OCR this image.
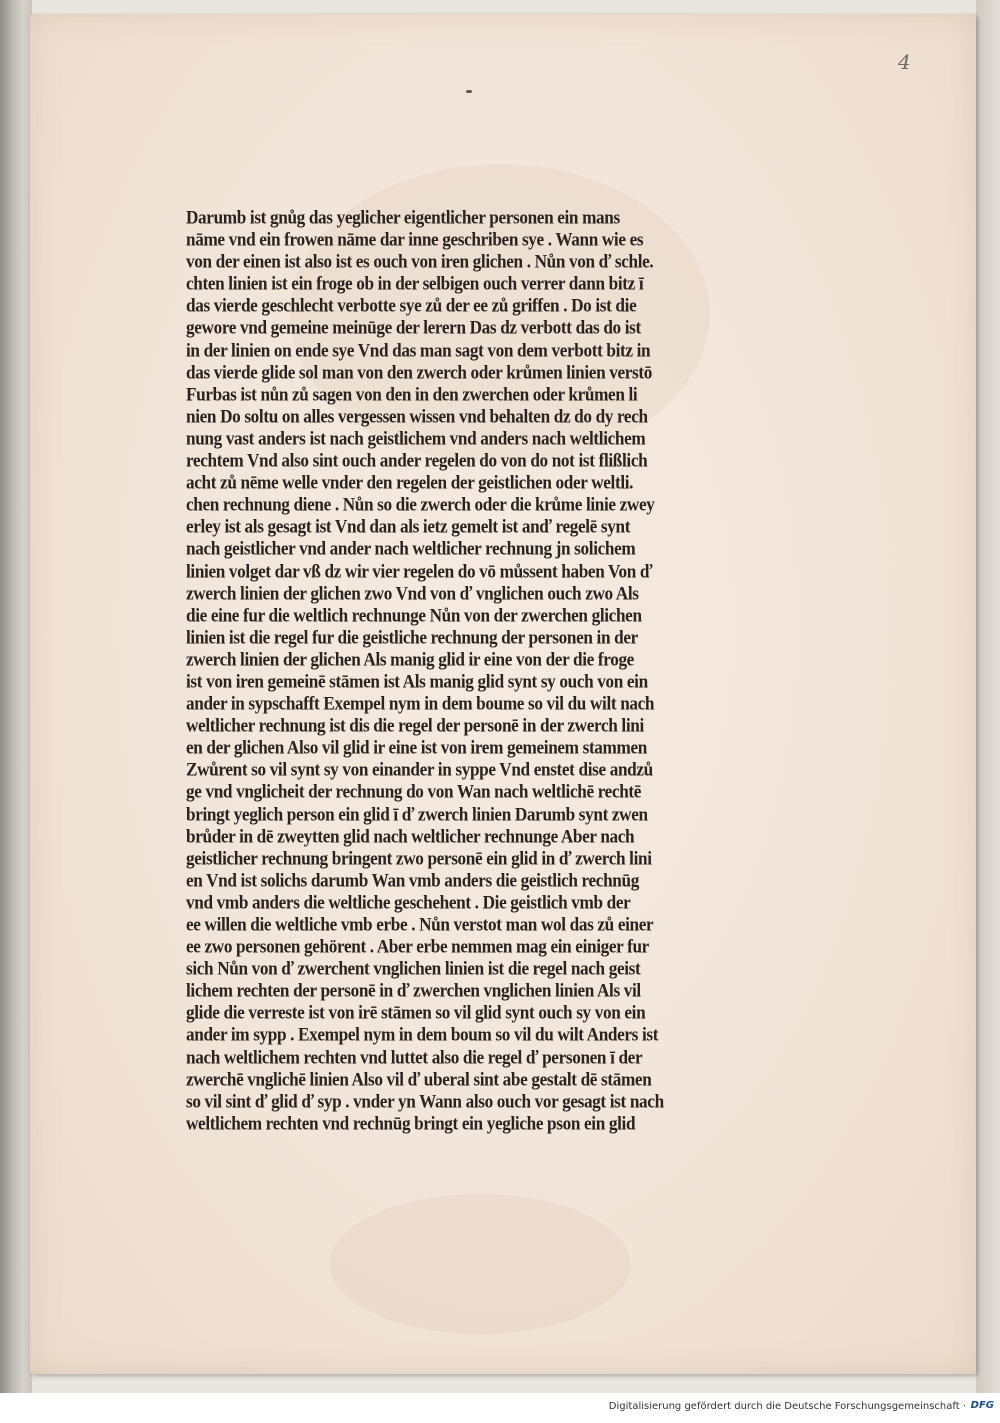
4
Darumb ist gnůg das yeglicher eigentlicher personen ein mans
nāme vnd ein frowen nāme dar inne geschriben sye . Wann wie es
von der einen ist also ist es ouch von iren glichen . Nůn von ď schle.
chten linien ist ein froge ob in der selbigen ouch verrer dann bitz ī
das vierde geschlecht verbotte sye zů der ee zů griffen . Do ist die
gewore vnd gemeine meinūge der lerern Das dz verbott das do ist
in der linien on ende sye Vnd das man sagt von dem verbott bitz in
das vierde glide sol man von den zwerch oder krůmen linien verstō
Furbas ist nůn zů sagen von den in den zwerchen oder krůmen li
nien Do soltu on alles vergessen wissen vnd behalten dz do dy rech
nung vast anders ist nach geistlichem vnd anders nach weltlichem
rechtem Vnd also sint ouch ander regelen do von do not ist flißlich
acht zů nēme welle vnder den regelen der geistlichen oder weltli.
chen rechnung diene . Nůn so die zwerch oder die krůme linie zwey
erley ist als gesagt ist Vnd dan als ietz gemelt ist anď regelē synt
nach geistlicher vnd ander nach weltlicher rechnung jn solichem
linien volget dar vß dz wir vier regelen do vō můssent haben Von ď
zwerch linien der glichen zwo Vnd von ď vnglichen ouch zwo Als
die eine fur die weltlich rechnunge Nůn von der zwerchen glichen
linien ist die regel fur die geistliche rechnung der personen in der
zwerch linien der glichen Als manig glid ir eine von der die froge
ist von iren gemeinē stāmen ist Als manig glid synt sy ouch von ein
ander in sypschafft Exempel nym in dem boume so vil du wilt nach
weltlicher rechnung ist dis die regel der personē in der zwerch lini
en der glichen Also vil glid ir eine ist von irem gemeinem stammen
Zwůrent so vil synt sy von einander in syppe Vnd enstet dise andzů
ge vnd vnglicheit der rechnung do von Wan nach weltlichē rechtē
bringt yeglich person ein glid ī ď zwerch linien Darumb synt zwen
brůder in dē zweytten glid nach weltlicher rechnunge Aber nach
geistlicher rechnung bringent zwo personē ein glid in ď zwerch lini
en Vnd ist solichs darumb Wan vmb anders die geistlich rechnūg
vnd vmb anders die weltliche geschehent . Die geistlich vmb der
ee willen die weltliche vmb erbe . Nůn verstot man wol das zů einer
ee zwo personen gehörent . Aber erbe nemmen mag ein einiger fur
sich Nůn von ď zwerchent vnglichen linien ist die regel nach geist
lichem rechten der personē in ď zwerchen vnglichen linien Als vil
glide die verreste ist von irē stāmen so vil glid synt ouch sy von ein
ander im sypp . Exempel nym in dem boum so vil du wilt Anders ist
nach weltlichem rechten vnd luttet also die regel ď personen ī der
zwerchē vnglichē linien Also vil ď uberal sint abe gestalt dē stāmen
so vil sint ď glid ď syp . vnder yn Wann also ouch vor gesagt ist nach
weltlichem rechten vnd rechnūg bringt ein yegliche pson ein glid
Digitalisierung gefördert durch die Deutsche Forschungsgemeinschaft · DFG
